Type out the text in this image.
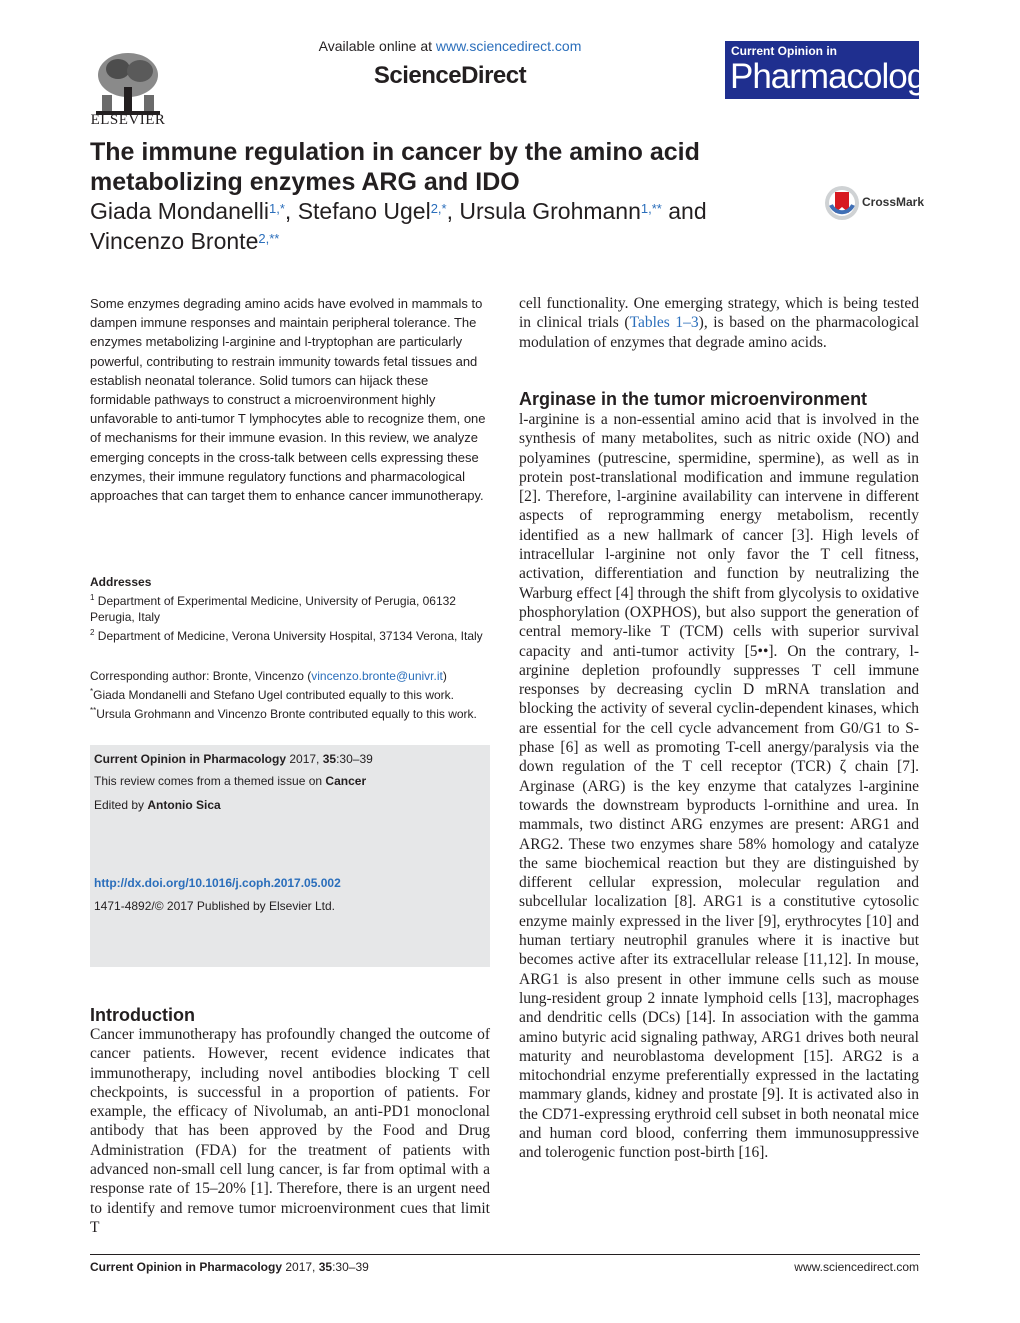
ELSEVIER
Available online at www.sciencedirect.com
ScienceDirect
Current Opinion in
Pharmacology
The immune regulation in cancer by the amino acid metabolizing enzymes ARG and IDO
Giada Mondanelli$^{1,*}$, Stefano Ugel$^{2,*}$, Ursula Grohmann$^{1,**}$ and
Vincenzo Bronte$^{2,**}$
CrossMark
Some enzymes degrading amino acids have evolved in mammals to dampen immune responses and maintain peripheral tolerance. The enzymes metabolizing l-arginine and l-tryptophan are particularly powerful, contributing to restrain immunity towards fetal tissues and establish neonatal tolerance. Solid tumors can hijack these formidable pathways to construct a microenvironment highly unfavorable to anti-tumor T lymphocytes able to recognize them, one of mechanisms for their immune evasion. In this review, we analyze emerging concepts in the cross-talk between cells expressing these enzymes, their immune regulatory functions and pharmacological approaches that can target them to enhance cancer immunotherapy.
Addresses
$^1$ Department of Experimental Medicine, University of Perugia, 06132 Perugia, Italy
$^2$ Department of Medicine, Verona University Hospital, 37134 Verona, Italy
Corresponding author: Bronte, Vincenzo (vincenzo.bronte@univr.it)
*Giada Mondanelli and Stefano Ugel contributed equally to this work.
**Ursula Grohmann and Vincenzo Bronte contributed equally to this work.
Current Opinion in Pharmacology 2017, 35:30–39
This review comes from a themed issue on Cancer
Edited by Antonio Sica
http://dx.doi.org/10.1016/j.coph.2017.05.002
1471-4892/© 2017 Published by Elsevier Ltd.
Introduction
Cancer immunotherapy has profoundly changed the outcome of cancer patients. However, recent evidence indicates that immunotherapy, including novel antibodies blocking T cell checkpoints, is successful in a proportion of patients. For example, the efficacy of Nivolumab, an anti-PD1 monoclonal antibody that has been approved by the Food and Drug Administration (FDA) for the treatment of patients with advanced non-small cell lung cancer, is far from optimal with a response rate of 15–20% [1]. Therefore, there is an urgent need to identify and remove tumor microenvironment cues that limit T
cell functionality. One emerging strategy, which is being tested in clinical trials (Tables 1–3), is based on the pharmacological modulation of enzymes that degrade amino acids.
Arginase in the tumor microenvironment
l-arginine is a non-essential amino acid that is involved in the synthesis of many metabolites, such as nitric oxide (NO) and polyamines (putrescine, spermidine, spermine), as well as in protein post-translational modification and immune regulation [2]. Therefore, l-arginine availability can intervene in different aspects of reprogramming energy metabolism, recently identified as a new hallmark of cancer [3]. High levels of intracellular l-arginine not only favor the T cell fitness, activation, differentiation and function by neutralizing the Warburg effect [4] through the shift from glycolysis to oxidative phosphorylation (OXPHOS), but also support the generation of central memory-like T (TCM) cells with superior survival capacity and anti-tumor activity [5••]. On the contrary, l-arginine depletion profoundly suppresses T cell immune responses by decreasing cyclin D mRNA translation and blocking the activity of several cyclin-dependent kinases, which are essential for the cell cycle advancement from G0/G1 to S-phase [6] as well as promoting T-cell anergy/paralysis via the down regulation of the T cell receptor (TCR) ζ chain [7]. Arginase (ARG) is the key enzyme that catalyzes l-arginine towards the downstream byproducts l-ornithine and urea. In mammals, two distinct ARG enzymes are present: ARG1 and ARG2. These two enzymes share 58% homology and catalyze the same biochemical reaction but they are distinguished by different cellular expression, molecular regulation and subcellular localization [8]. ARG1 is a constitutive cytosolic enzyme mainly expressed in the liver [9], erythrocytes [10] and human tertiary neutrophil granules where it is inactive but becomes active after its extracellular release [11,12]. In mouse, ARG1 is also present in other immune cells such as mouse lung-resident group 2 innate lymphoid cells [13], macrophages and dendritic cells (DCs) [14]. In association with the gamma amino butyric acid signaling pathway, ARG1 drives both neural maturity and neuroblastoma development [15]. ARG2 is a mitochondrial enzyme preferentially expressed in the lactating mammary glands, kidney and prostate [9]. It is activated also in the CD71-expressing erythroid cell subset in both neonatal mice and human cord blood, conferring them immunosuppressive and tolerogenic function post-birth [16].
Current Opinion in Pharmacology 2017, 35:30–39	www.sciencedirect.com
